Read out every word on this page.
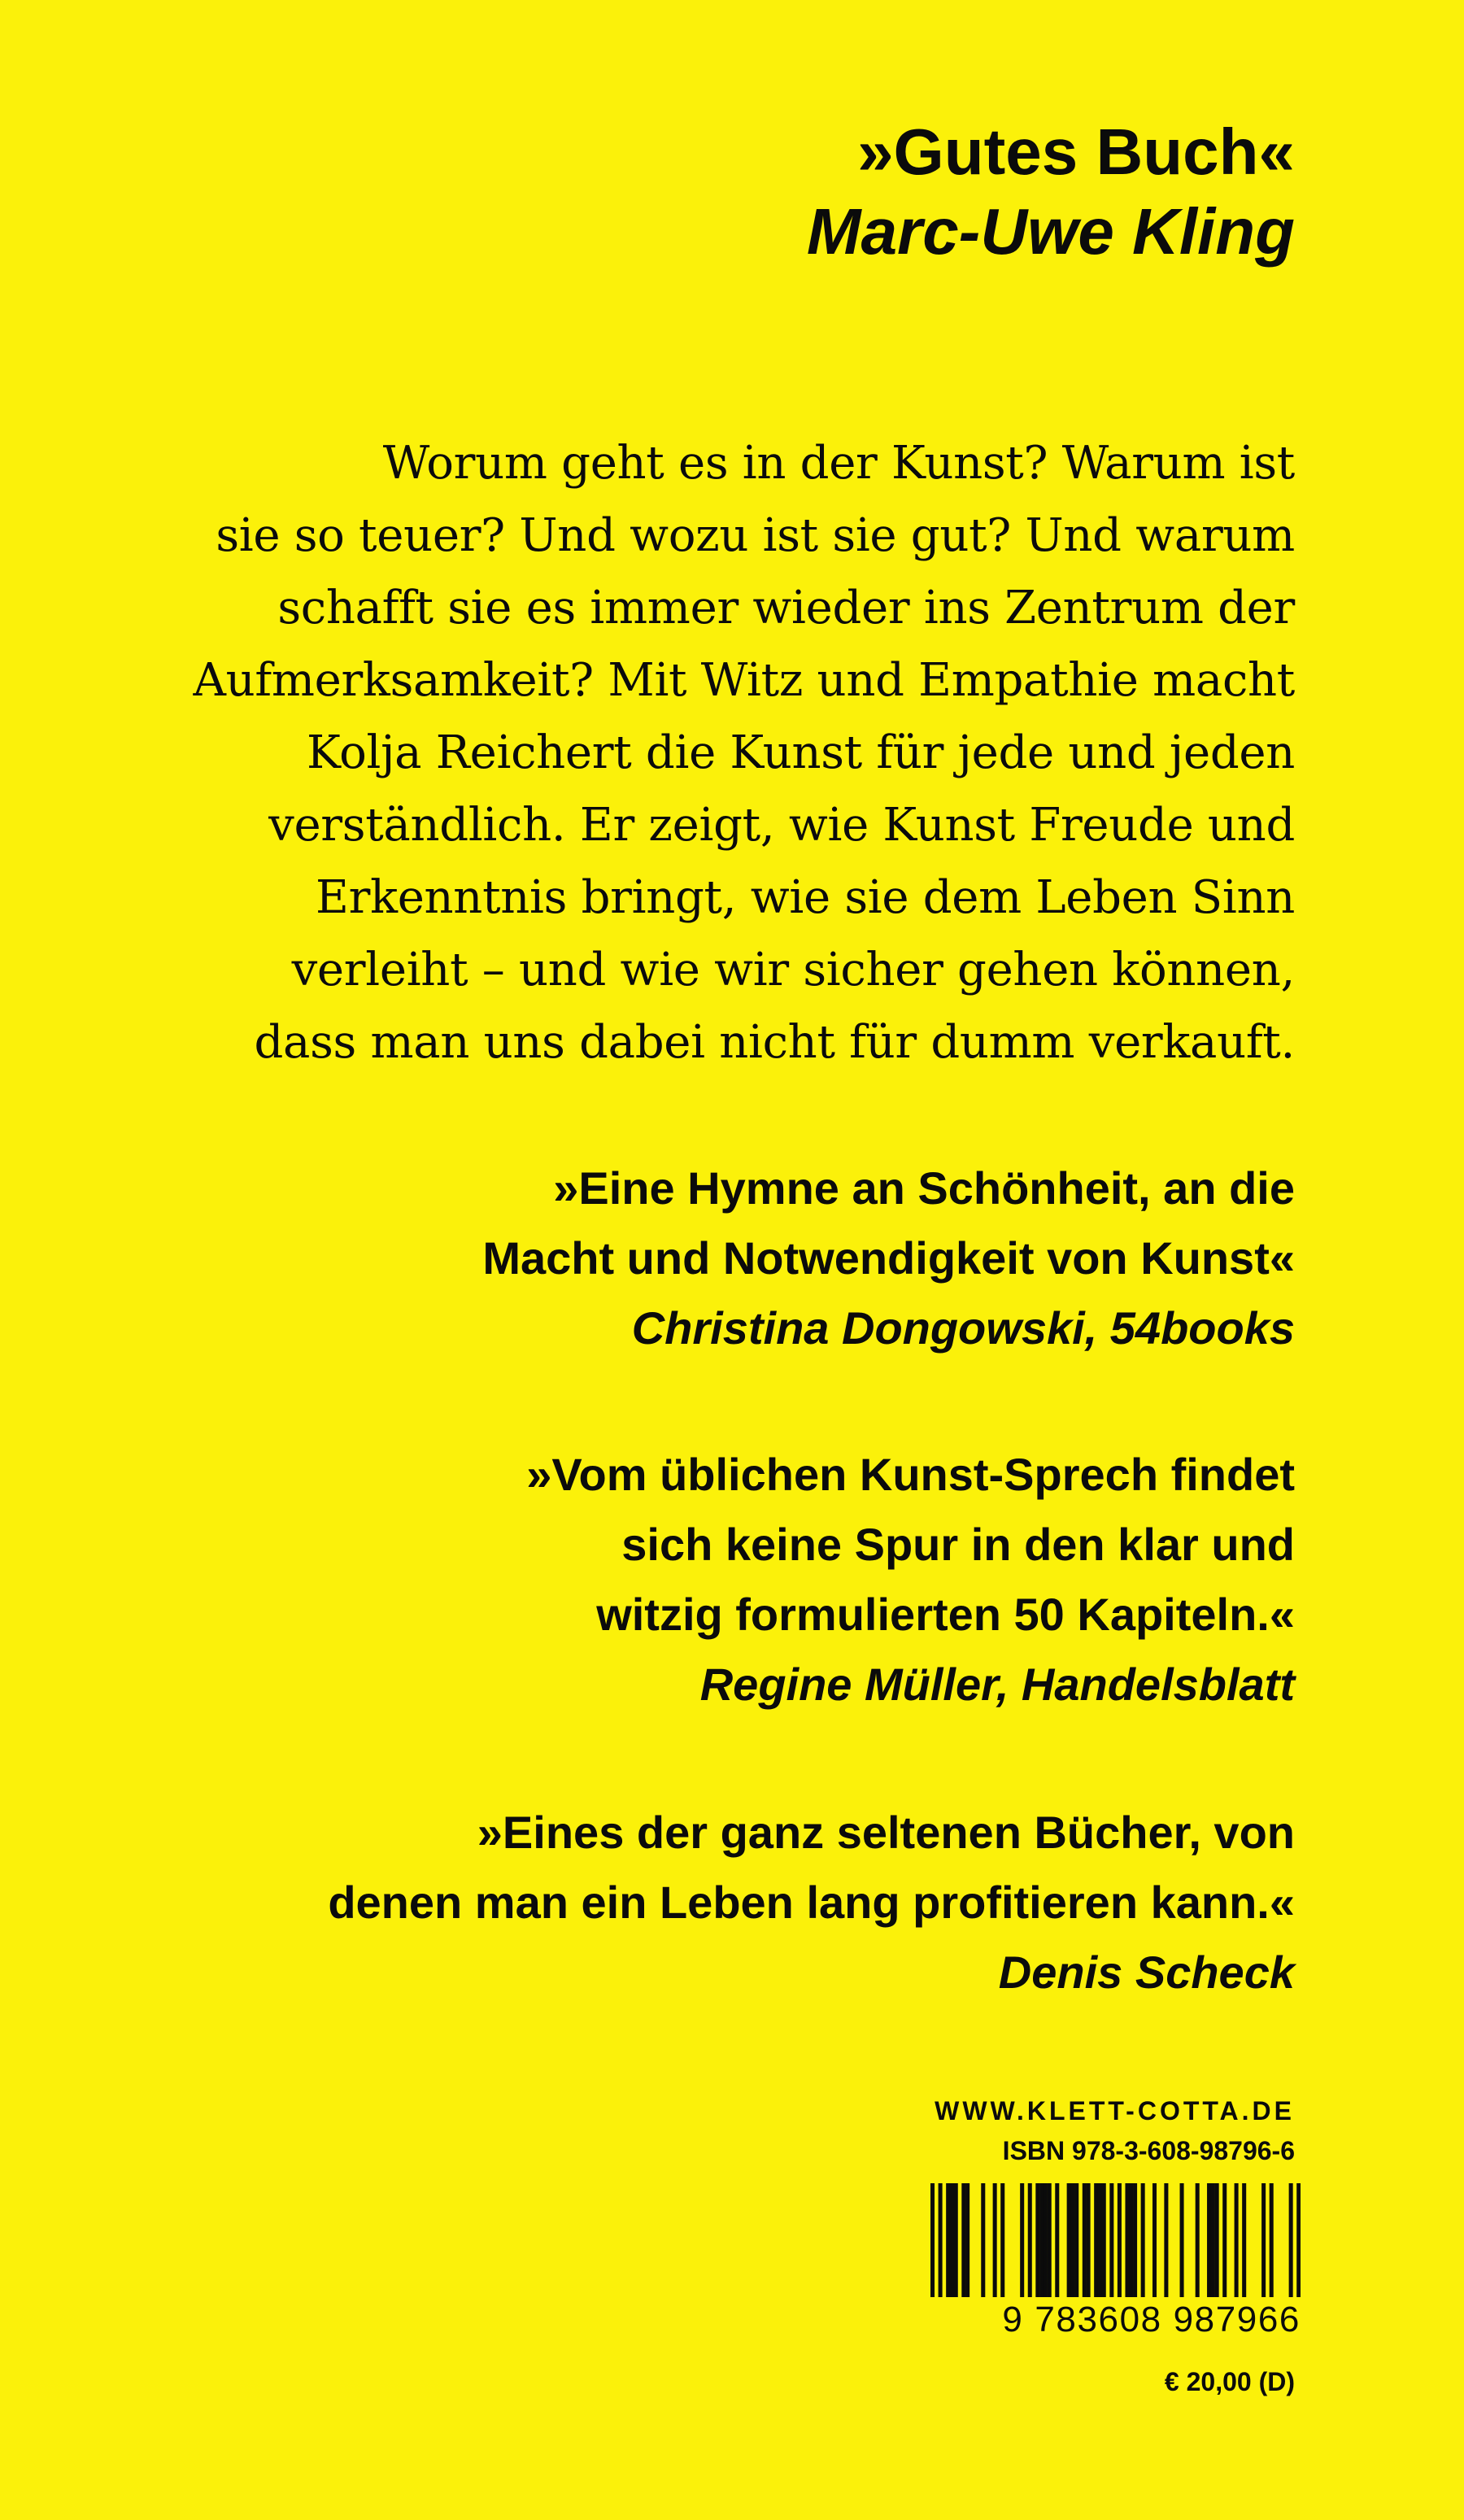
»Gutes Buch«
Marc-Uwe Kling
Worum geht es in der Kunst? Warum ist
sie so teuer? Und wozu ist sie gut? Und warum
schafft sie es immer wieder ins Zentrum der
Aufmerksamkeit? Mit Witz und Empathie macht
Kolja Reichert die Kunst für jede und jeden
verständlich. Er zeigt, wie Kunst Freude und
Erkenntnis bringt, wie sie dem Leben Sinn
verleiht – und wie wir sicher gehen können,
dass man uns dabei nicht für dumm verkauft.
»Eine Hymne an Schönheit, an die
Macht und Notwendigkeit von Kunst«
Christina Dongowski, 54books
»Vom üblichen Kunst-Sprech findet
sich keine Spur in den klar und
witzig formulierten 50 Kapiteln.«
Regine Müller, Handelsblatt
»Eines der ganz seltenen Bücher, von
denen man ein Leben lang profitieren kann.«
Denis Scheck
WWW.KLETT-COTTA.DE
ISBN 978-3-608-98796-6
9 783608 987966
€ 20,00 (D)
